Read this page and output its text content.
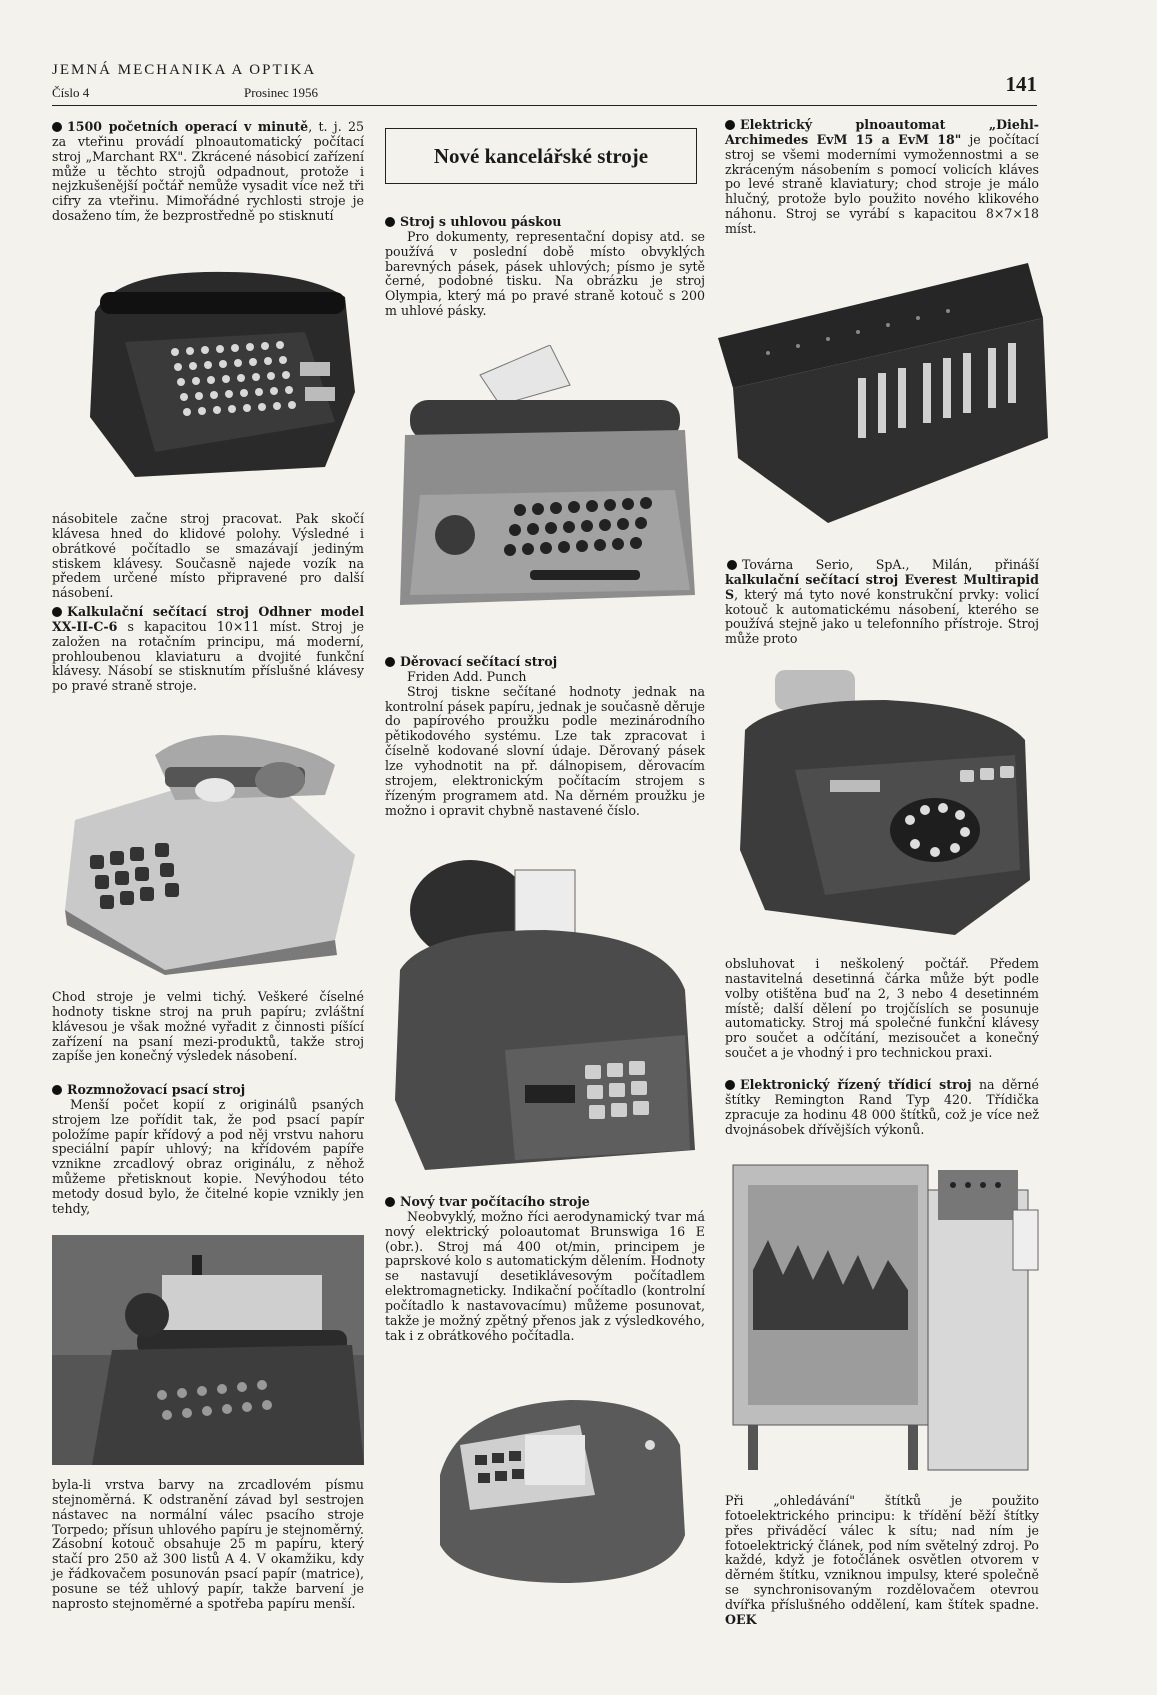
JEMNÁ MECHANIKA A OPTIKA
Číslo 4	Prosinec 1956	141
Nové kancelářské stroje

1500 početních operací v minutě, t. j. 25 za vteřinu provádí plnoautomatický počítací stroj „Marchant RX". Zkrácené násobicí zařízení může u těchto strojů odpadnout, protože i nejzkušenější počtář nemůže vysadit více než tři cifry za vteřinu. Mimořádné rychlosti stroje je dosaženo tím, že bezprostředně po stisknutí

násobitele začne stroj pracovat. Pak skočí klávesa hned do klidové polohy. Výsledné i obrátkové počítadlo se smazávají jediným stiskem klávesy. Současně najede vozík na předem určené místo připravené pro další násobení.

Kalkulační sečítací stroj Odhner model XX-II-C-6 s kapacitou 10×11 míst. Stroj je založen na rotačním principu, má moderní, prohloubenou klaviaturu a dvojité funkční klávesy. Násobí se stisknutím příslušné klávesy po pravé straně stroje.

Chod stroje je velmi tichý. Veškeré číselné hodnoty tiskne stroj na pruh papíru; zvláštní klávesou je však možné vyřadit z činnosti píšící zařízení na psaní mezi-produktů, takže stroj zapíše jen konečný výsledek násobení.

Rozmnožovací psací stroj

Menší počet kopií z originálů psaných strojem lze pořídit tak, že pod psací papír položíme papír křídový a pod něj vrstvu nahoru speciální papír uhlový; na křídovém papíře vznikne zrcadlový obraz originálu, z něhož můžeme přetisknout kopie. Nevýhodou této metody dosud bylo, že čitelné kopie vznikly jen tehdy,

byla-li vrstva barvy na zrcadlovém písmu stejnoměrná. K odstranění závad byl sestrojen nástavec na normální válec psacího stroje Torpedo; přísun uhlového papíru je stejnoměrný. Zásobní kotouč obsahuje 25 m papíru, který stačí pro 250 až 300 listů A 4. V okamžiku, kdy je řádkovačem posunován psací papír (matrice), posune se též uhlový papír, takže barvení je naprosto stejnoměrné a spotřeba papíru menší.

Stroj s uhlovou páskou

Pro dokumenty, representační dopisy atd. se používá v poslední době místo obvyklých barevných pásek, pásek uhlových; písmo je sytě černé, podobné tisku. Na obrázku je stroj Olympia, který má po pravé straně kotouč s 200 m uhlové pásky.

Děrovací sečítací stroj

Friden Add. Punch

Stroj tiskne sečítané hodnoty jednak na kontrolní pásek papíru, jednak je současně děruje do papírového proužku podle mezinárodního pětikodového systému. Lze tak zpracovat i číselně kodované slovní údaje. Děrovaný pásek lze vyhodnotit na př. dálnopisem, děrovacím strojem, elektronickým počítacím strojem s řízeným programem atd. Na děrném proužku je možno i opravit chybně nastavené číslo.

Nový tvar počítacího stroje

Neobvyklý, možno říci aerodynamický tvar má nový elektrický poloautomat Brunswiga 16 E (obr.). Stroj má 400 ot/min, principem je paprskové kolo s automatickým dělením. Hodnoty se nastavují desetiklávesovým počítadlem elektromagneticky. Indikační počítadlo (kontrolní počítadlo k nastavovacímu) můžeme posunovat, takže je možný zpětný přenos jak z výsledkového, tak i z obrátkového počítadla.

Elektrický plnoautomat „Diehl-Archimedes EvM 15 a EvM 18" je počítací stroj se všemi moderními vymožennostmi a se zkráceným násobením s pomocí volicích kláves po levé straně klaviatury; chod stroje je málo hlučný, protože bylo použito nového klikového náhonu. Stroj se vyrábí s kapacitou 8×7×18 míst.

Továrna Serio, SpA., Milán, přináší kalkulační sečítací stroj Everest Multirapid S, který má tyto nové konstrukční prvky: volicí kotouč k automatickému násobení, kterého se používá stejně jako u telefonního přístroje. Stroj může proto

obsluhovat i neškolený počtář. Předem nastavitelná desetinná čárka může být podle volby otištěna buď na 2, 3 nebo 4 desetinném místě; další dělení po trojčíslích se posunuje automaticky. Stroj má společné funkční klávesy pro součet a odčítání, mezisoučet a konečný součet a je vhodný i pro technickou praxi.

Elektronický řízený třídicí stroj na děrné štítky Remington Rand Typ 420. Třídička zpracuje za hodinu 48 000 štítků, což je více než dvojnásobek dřívějších výkonů.

Při „ohledávání" štítků je použito fotoelektrického principu: k třídění běží štítky přes přiváděcí válec k sítu; nad ním je fotoelektrický článek, pod ním světelný zdroj. Po každé, když je fotočlánek osvětlen otvorem v děrném štítku, vzniknou impulsy, které společně se synchronisovaným rozdělovačem otevrou dvířka příslušného oddělení, kam štítek spadne. OEK
